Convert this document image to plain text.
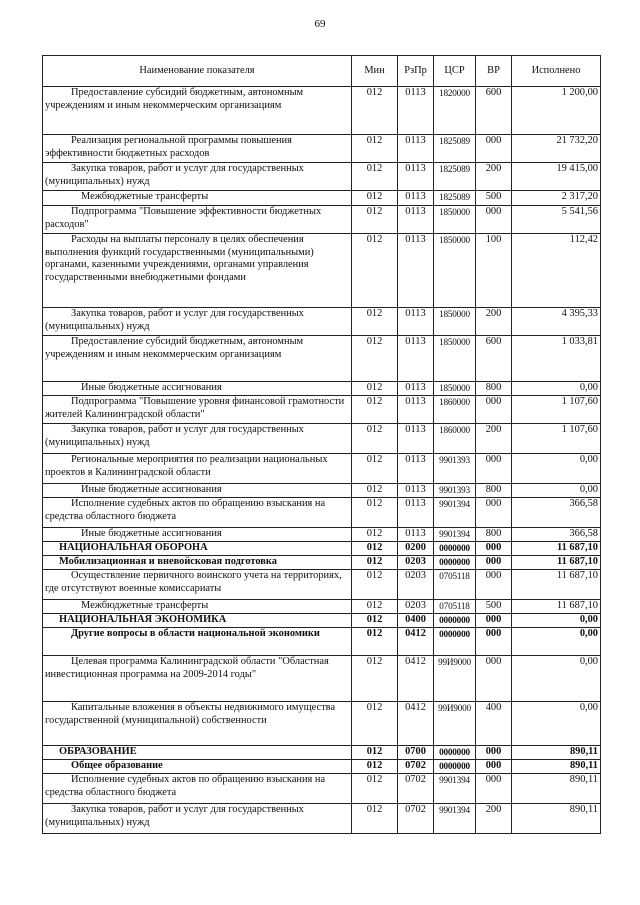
69
Наименование показателя	Мин	РзПр	ЦСР	ВР	Исполнено
Предоставление субсидий бюджетным, автономным учреждениям и иным некоммерческим организациям	012	0113	1820000	600	1 200,00
Реализация региональной программы повышения эффективности бюджетных расходов	012	0113	1825089	000	21 732,20
Закупка товаров, работ и услуг для государственных (муниципальных) нужд	012	0113	1825089	200	19 415,00
Межбюджетные трансферты	012	0113	1825089	500	2 317,20
Подпрограмма "Повышение эффективности бюджетных расходов"	012	0113	1850000	000	5 541,56
Расходы на выплаты персоналу в целях обеспечения выполнения функций государственными (муниципальными) органами, казенными учреждениями, органами управления государственными внебюджетными фондами	012	0113	1850000	100	112,42
Закупка товаров, работ и услуг для государственных (муниципальных) нужд	012	0113	1850000	200	4 395,33
Предоставление субсидий бюджетным, автономным учреждениям и иным некоммерческим организациям	012	0113	1850000	600	1 033,81
Иные бюджетные ассигнования	012	0113	1850000	800	0,00
Подпрограмма "Повышение уровня финансовой грамотности жителей Калининградской области"	012	0113	1860000	000	1 107,60
Закупка товаров, работ и услуг для государственных (муниципальных) нужд	012	0113	1860000	200	1 107,60
Региональные мероприятия по реализации национальных проектов в Калининградской области	012	0113	9901393	000	0,00
Иные бюджетные ассигнования	012	0113	9901393	800	0,00
Исполнение судебных актов по обращению взыскания на средства областного бюджета	012	0113	9901394	000	366,58
Иные бюджетные ассигнования	012	0113	9901394	800	366,58
НАЦИОНАЛЬНАЯ ОБОРОНА	012	0200	0000000	000	11 687,10
Мобилизационная и вневойсковая подготовка	012	0203	0000000	000	11 687,10
Осуществление первичного воинского учета на территориях, где отсутствуют военные комиссариаты	012	0203	0705118	000	11 687,10
Межбюджетные трансферты	012	0203	0705118	500	11 687,10
НАЦИОНАЛЬНАЯ ЭКОНОМИКА	012	0400	0000000	000	0,00
Другие вопросы в области национальной экономики	012	0412	0000000	000	0,00
Целевая программа Калининградской области "Областная инвестиционная программа на 2009-2014 годы"	012	0412	99И9000	000	0,00
Капитальные вложения в объекты недвижимого имущества государственной (муниципальной) собственности	012	0412	99И9000	400	0,00
ОБРАЗОВАНИЕ	012	0700	0000000	000	890,11
Общее образование	012	0702	0000000	000	890,11
Исполнение судебных актов по обращению взыскания на средства областного бюджета	012	0702	9901394	000	890,11
Закупка товаров, работ и услуг для государственных (муниципальных) нужд	012	0702	9901394	200	890,11
